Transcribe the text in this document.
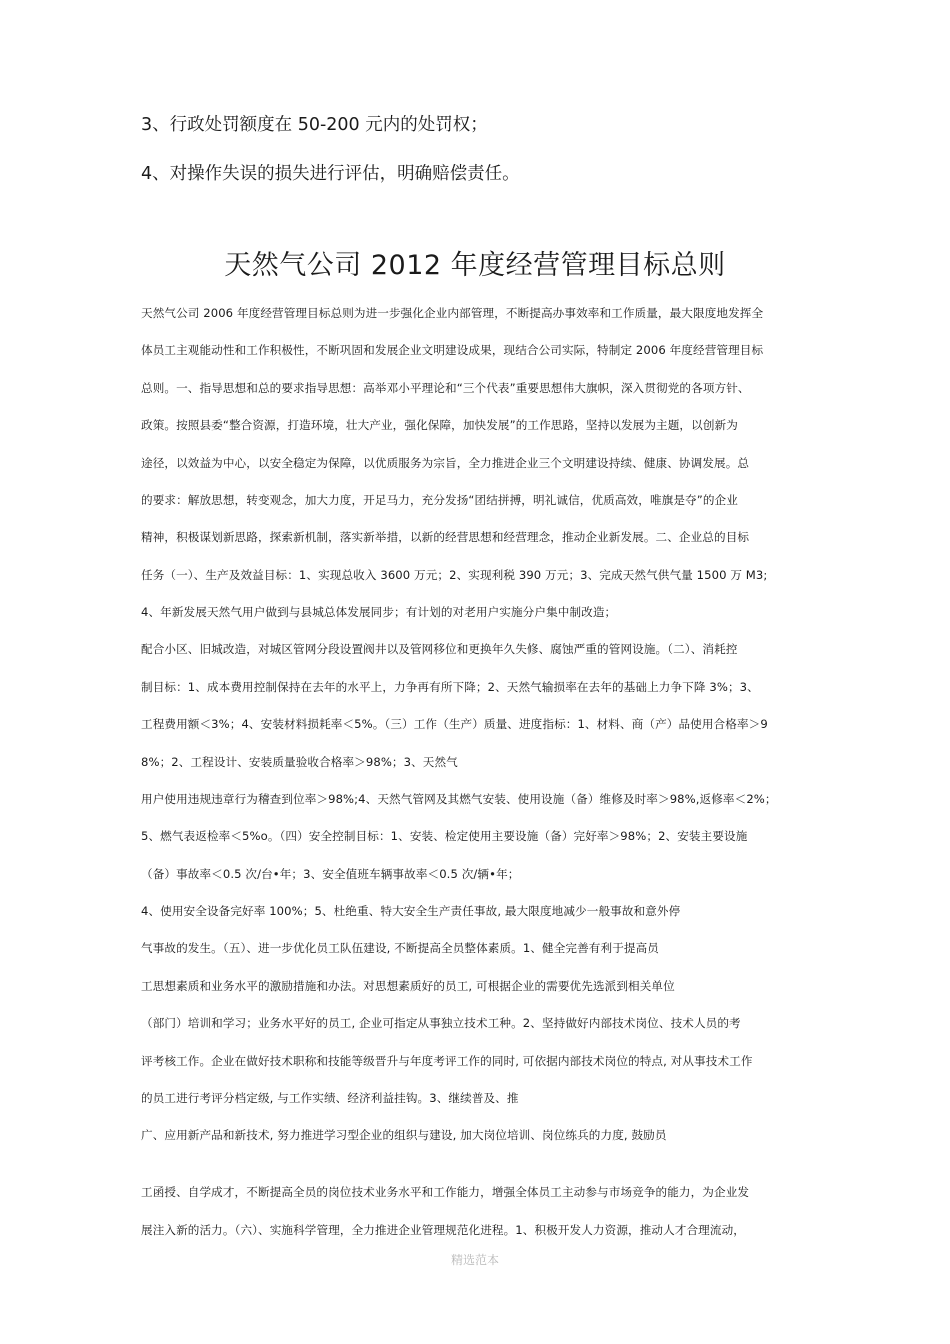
3、行政处罚额度在 50-200 元内的处罚权；

4、对操作失误的损失进行评估，明确赔偿责任。

天然气公司 2012 年度经营管理目标总则

天然气公司 2006 年度经营管理目标总则为进一步强化企业内部管理，不断提高办事效率和工作质量，最大限度地发挥全

体员工主观能动性和工作积极性，不断巩固和发展企业文明建设成果，现结合公司实际，特制定 2006 年度经营管理目标

总则。一、指导思想和总的要求指导思想：高举邓小平理论和“三个代表”重要思想伟大旗帜，深入贯彻党的各项方针、

政策。按照县委“整合资源，打造环境，壮大产业，强化保障，加快发展”的工作思路，坚持以发展为主题，以创新为

途径，以效益为中心，以安全稳定为保障，以优质服务为宗旨，全力推进企业三个文明建设持续、健康、协调发展。总

的要求：解放思想，转变观念，加大力度，开足马力，充分发扬“团结拼搏，明礼诚信，优质高效，唯旗是夺”的企业

精神，积极谋划新思路，探索新机制，落实新举措，以新的经营思想和经营理念，推动企业新发展。二、企业总的目标

任务（一）、生产及效益目标：1、实现总收入 3600 万元；2、实现利税 390 万元；3、完成天然气供气量 1500 万 M3;

4、年新发展天然气用户做到与县城总体发展同步；有计划的对老用户实施分户集中制改造；

配合小区、旧城改造，对城区管网分段设置阀井以及管网移位和更换年久失修、腐蚀严重的管网设施。（二）、消耗控

制目标：1、成本费用控制保持在去年的水平上，力争再有所下降；2、天然气输损率在去年的基础上力争下降 3%；3、

工程费用额＜3%；4、安装材料损耗率＜5%。（三）工作（生产）质量、进度指标：1、材料、商（产）品使用合格率＞9

8%；2、工程设计、安装质量验收合格率＞98%；3、天然气

用户使用违规违章行为稽查到位率＞98%;4、天然气管网及其燃气安装、使用设施（备）维修及时率＞98%,返修率＜2%；

5、燃气表返检率＜5%o。（四）安全控制目标：1、安装、检定使用主要设施（备）完好率＞98%；2、安装主要设施

（备）事故率＜0.5 次/台•年；3、安全值班车辆事故率＜0.5 次/辆•年；

4、使用安全设备完好率 100%；5、杜绝重、特大安全生产责任事故, 最大限度地减少一般事故和意外停

气事故的发生。（五）、进一步优化员工队伍建设, 不断提高全员整体素质。1、健全完善有利于提高员

工思想素质和业务水平的激励措施和办法。对思想素质好的员工, 可根据企业的需要优先选派到相关单位

（部门）培训和学习；业务水平好的员工, 企业可指定从事独立技术工种。2、坚持做好内部技术岗位、技术人员的考

评考核工作。企业在做好技术职称和技能等级晋升与年度考评工作的同时, 可依据内部技术岗位的特点, 对从事技术工作

的员工进行考评分档定级, 与工作实绩、经济利益挂钩。3、继续普及、推

广、应用新产品和新技术, 努力推进学习型企业的组织与建设, 加大岗位培训、岗位练兵的力度, 鼓励员

工函授、自学成才，不断提高全员的岗位技术业务水平和工作能力，增强全体员工主动参与市场竞争的能力，为企业发

展注入新的活力。（六）、实施科学管理，全力推进企业管理规范化进程。1、积极开发人力资源，推动人才合理流动，

精选范本
